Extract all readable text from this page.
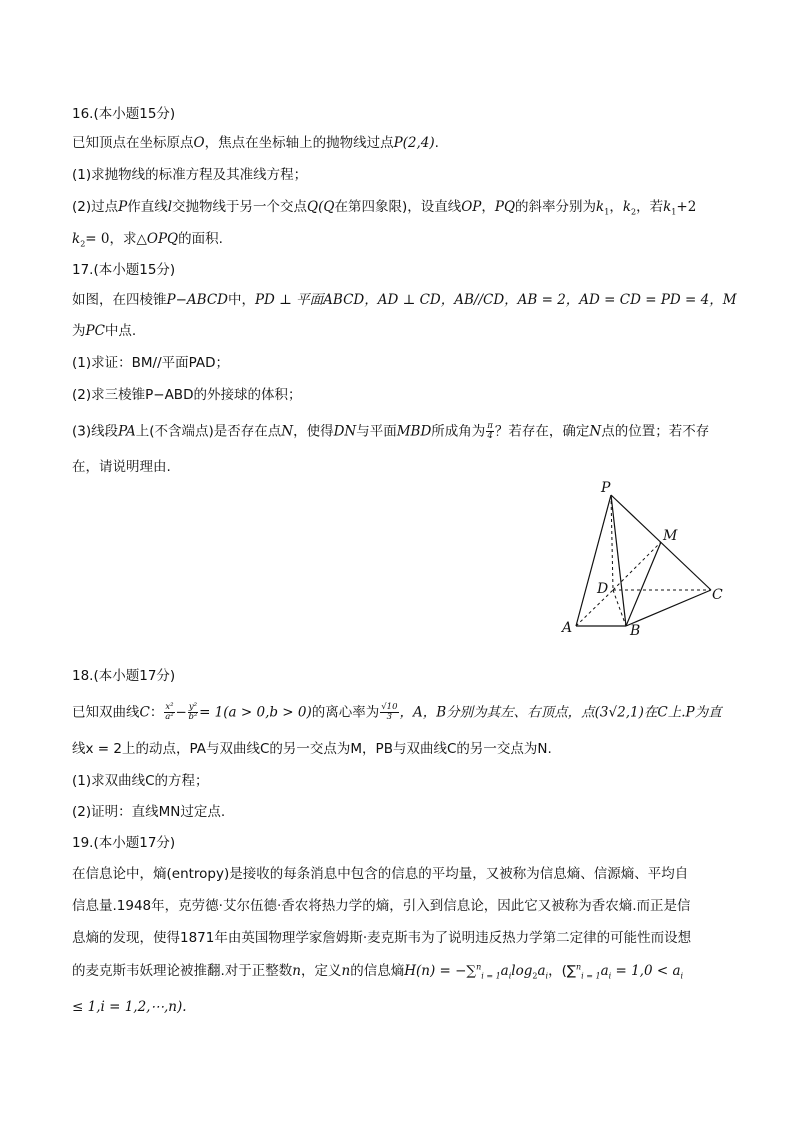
16.(本小题15分)
已知顶点在坐标原点O，焦点在坐标轴上的抛物线过点P(2,4).
(1)求抛物线的标准方程及其准线方程；
(2)过点P作直线l交抛物线于另一个交点Q(Q在第四象限)，设直线OP，PQ的斜率分别为$k_1$，$k_2$，若$k_1+2$
$k_2= 0$，求△OPQ的面积.
17.(本小题15分)
如图，在四棱锥P−ABCD中，PD ⊥ 平面ABCD，AD ⊥ CD，AB//CD，AB = 2，AD = CD = PD = 4，M
为PC中点.
(1)求证：BM//平面PAD；
(2)求三棱锥P−ABD的外接球的体积；
(3)线段PA上(不含端点)是否存在点N，使得DN与平面MBD所成角为 $\frac{\pi}{4}$ ？若存在，确定N点的位置；若不存
在，请说明理由.
P
M
D	C
A	B
18.(本小题17分)
已知双曲线C： $\frac{\text{x²}}{\text{a²}} - \frac{\text{y²}}{\text{b²}} = 1(a > 0,b > 0)$的离心率为 $\frac{√10}{3}$ ，A，B分别为其左、右顶点，点(3√2,1)在C上.P为直
线x = 2上的动点，PA与双曲线C的另一交点为M，PB与双曲线C的另一交点为N.
(1)求双曲线C的方程；
(2)证明：直线MN过定点.
19.(本小题17分)
在信息论中，熵(entropy)是接收的每条消息中包含的信息的平均量，又被称为信息熵、信源熵、平均自
信息量.1948年，克劳德·艾尔伍德·香农将热力学的熵，引入到信息论，因此它又被称为香农熵.而正是信
息熵的发现，使得1871年由英国物理学家詹姆斯·麦克斯韦为了说明违反热力学第二定律的可能性而设想
的麦克斯韦妖理论被推翻.对于正整数n，定义n的信息熵$H(n) = -\sum^n_{i = 1}a_i\log_2a_i$，($\sum^n_{i = 1}a_i = 1,0 < a_i$
≤ 1,i = 1,2,⋯,n).
